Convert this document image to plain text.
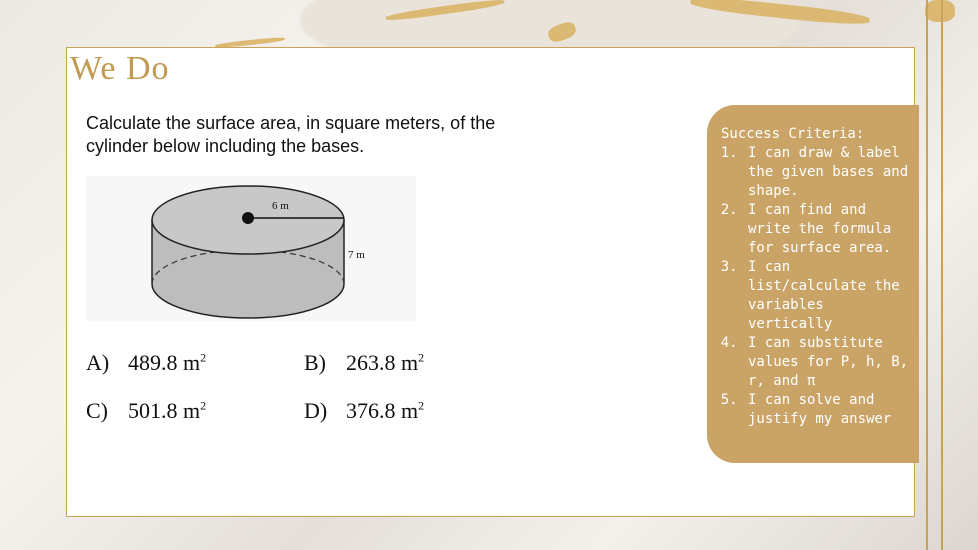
We Do
Calculate the surface area, in square meters, of the cylinder below including the bases.
6 m
7 m
A) 489.8 $m^2$	B) 263.8 $m^2$
C) 501.8 $m^2$	D) 376.8 $m^2$
Success Criteria:
1. I can draw & label the given bases and shape.
2. I can find and write the formula for surface area.
3. I can list/calculate the variables vertically
4. I can substitute values for P, h, B, r, and π
5. I can solve and justify my answer
